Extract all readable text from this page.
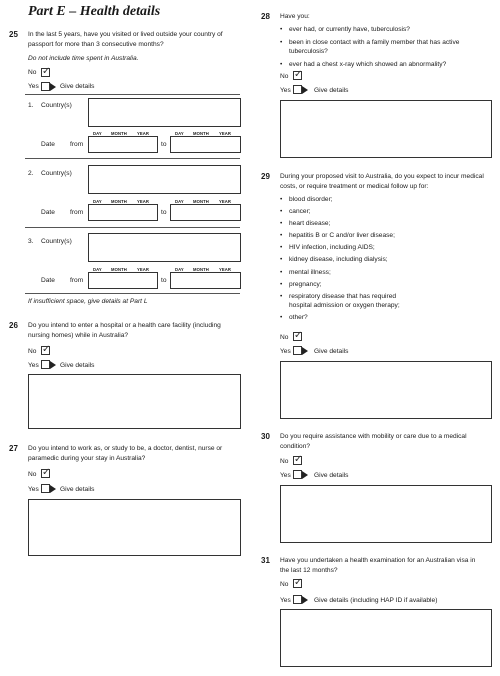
Part E – Health details
25 In the last 5 years, have you visited or lived outside your country of passport for more than 3 consecutive months?
Do not include time spent in Australia.
No
✓
Yes	Give details
1. Country(s)
DAY MONTH YEAR	DAY MONTH YEAR
Date from	to
2. Country(s)
DAY MONTH YEAR	DAY MONTH YEAR
Date from	to
3. Country(s)
DAY MONTH YEAR	DAY MONTH YEAR
Date from	to
If insufficient space, give details at Part L
26 Do you intend to enter a hospital or a health care facility (including nursing homes) while in Australia?
No
✓
Yes	Give details
27 Do you intend to work as, or study to be, a doctor, dentist, nurse or paramedic during your stay in Australia?
No
✓
Yes	Give details
28 Have you:
• ever had, or currently have, tuberculosis?
• been in close contact with a family member that has active tuberculosis?
• ever had a chest x-ray which showed an abnormality?
No
✓
Yes	Give details
29 During your proposed visit to Australia, do you expect to incur medical costs, or require treatment or medical follow up for:
• blood disorder;
• cancer;
• heart disease;
• hepatitis B or C and/or liver disease;
• HIV infection, including AIDS;
• kidney disease, including dialysis;
• mental illness;
• pregnancy;
• respiratory disease that has required hospital admission or oxygen therapy;
• other?
No
✓
Yes	Give details
30 Do you require assistance with mobility or care due to a medical condition?
No
✓
Yes	Give details
31 Have you undertaken a health examination for an Australian visa in the last 12 months?
No
✓
Yes	Give details (including HAP ID if available)
